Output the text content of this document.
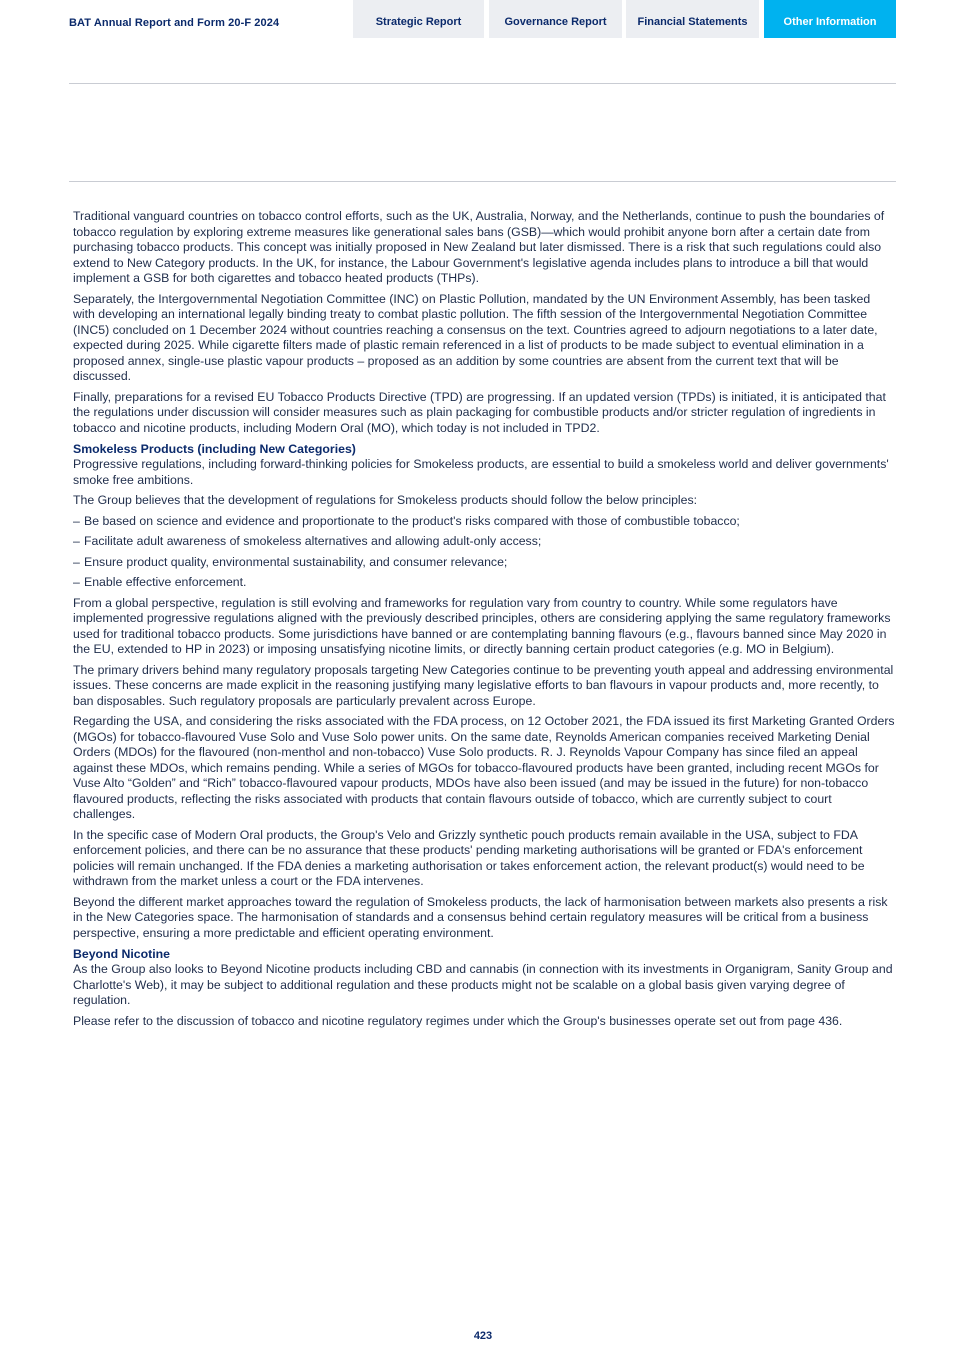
BAT Annual Report and Form 20-F 2024	Strategic Report	Governance Report	Financial Statements	Other Information

Traditional vanguard countries on tobacco control efforts, such as the UK, Australia, Norway, and the Netherlands, continue to push the boundaries of tobacco regulation by exploring extreme measures like generational sales bans (GSB)—which would prohibit anyone born after a certain date from purchasing tobacco products. This concept was initially proposed in New Zealand but later dismissed. There is a risk that such regulations could also extend to New Category products. In the UK, for instance, the Labour Government's legislative agenda includes plans to introduce a bill that would implement a GSB for both cigarettes and tobacco heated products (THPs).

Separately, the Intergovernmental Negotiation Committee (INC) on Plastic Pollution, mandated by the UN Environment Assembly, has been tasked with developing an international legally binding treaty to combat plastic pollution. The fifth session of the Intergovernmental Negotiation Committee (INC5) concluded on 1 December 2024 without countries reaching a consensus on the text. Countries agreed to adjourn negotiations to a later date, expected during 2025. While cigarette filters made of plastic remain referenced in a list of products to be made subject to eventual elimination in a proposed annex, single-use plastic vapour products – proposed as an addition by some countries are absent from the current text that will be discussed.

Finally, preparations for a revised EU Tobacco Products Directive (TPD) are progressing. If an updated version (TPDs) is initiated, it is anticipated that the regulations under discussion will consider measures such as plain packaging for combustible products and/or stricter regulation of ingredients in tobacco and nicotine products, including Modern Oral (MO), which today is not included in TPD2.

Smokeless Products (including New Categories)

Progressive regulations, including forward-thinking policies for Smokeless products, are essential to build a smokeless world and deliver governments' smoke free ambitions.

The Group believes that the development of regulations for Smokeless products should follow the below principles:

– Be based on science and evidence and proportionate to the product's risks compared with those of combustible tobacco;
– Facilitate adult awareness of smokeless alternatives and allowing adult-only access;
– Ensure product quality, environmental sustainability, and consumer relevance;
– Enable effective enforcement.

From a global perspective, regulation is still evolving and frameworks for regulation vary from country to country. While some regulators have implemented progressive regulations aligned with the previously described principles, others are considering applying the same regulatory frameworks used for traditional tobacco products. Some jurisdictions have banned or are contemplating banning flavours (e.g., flavours banned since May 2020 in the EU, extended to HP in 2023) or imposing unsatisfying nicotine limits, or directly banning certain product categories (e.g. MO in Belgium).

The primary drivers behind many regulatory proposals targeting New Categories continue to be preventing youth appeal and addressing environmental issues. These concerns are made explicit in the reasoning justifying many legislative efforts to ban flavours in vapour products and, more recently, to ban disposables. Such regulatory proposals are particularly prevalent across Europe.

Regarding the USA, and considering the risks associated with the FDA process, on 12 October 2021, the FDA issued its first Marketing Granted Orders (MGOs) for tobacco-flavoured Vuse Solo and Vuse Solo power units. On the same date, Reynolds American companies received Marketing Denial Orders (MDOs) for the flavoured (non-menthol and non-tobacco) Vuse Solo products. R. J. Reynolds Vapour Company has since filed an appeal against these MDOs, which remains pending. While a series of MGOs for tobacco-flavoured products have been granted, including recent MGOs for Vuse Alto “Golden” and “Rich” tobacco-flavoured vapour products, MDOs have also been issued (and may be issued in the future) for non-tobacco flavoured products, reflecting the risks associated with products that contain flavours outside of tobacco, which are currently subject to court challenges.

In the specific case of Modern Oral products, the Group's Velo and Grizzly synthetic pouch products remain available in the USA, subject to FDA enforcement policies, and there can be no assurance that these products' pending marketing authorisations will be granted or FDA's enforcement policies will remain unchanged. If the FDA denies a marketing authorisation or takes enforcement action, the relevant product(s) would need to be withdrawn from the market unless a court or the FDA intervenes.

Beyond the different market approaches toward the regulation of Smokeless products, the lack of harmonisation between markets also presents a risk in the New Categories space. The harmonisation of standards and a consensus behind certain regulatory measures will be critical from a business perspective, ensuring a more predictable and efficient operating environment.

Beyond Nicotine

As the Group also looks to Beyond Nicotine products including CBD and cannabis (in connection with its investments in Organigram, Sanity Group and Charlotte's Web), it may be subject to additional regulation and these products might not be scalable on a global basis given varying degree of regulation.

Please refer to the discussion of tobacco and nicotine regulatory regimes under which the Group's businesses operate set out from page 436.

423
